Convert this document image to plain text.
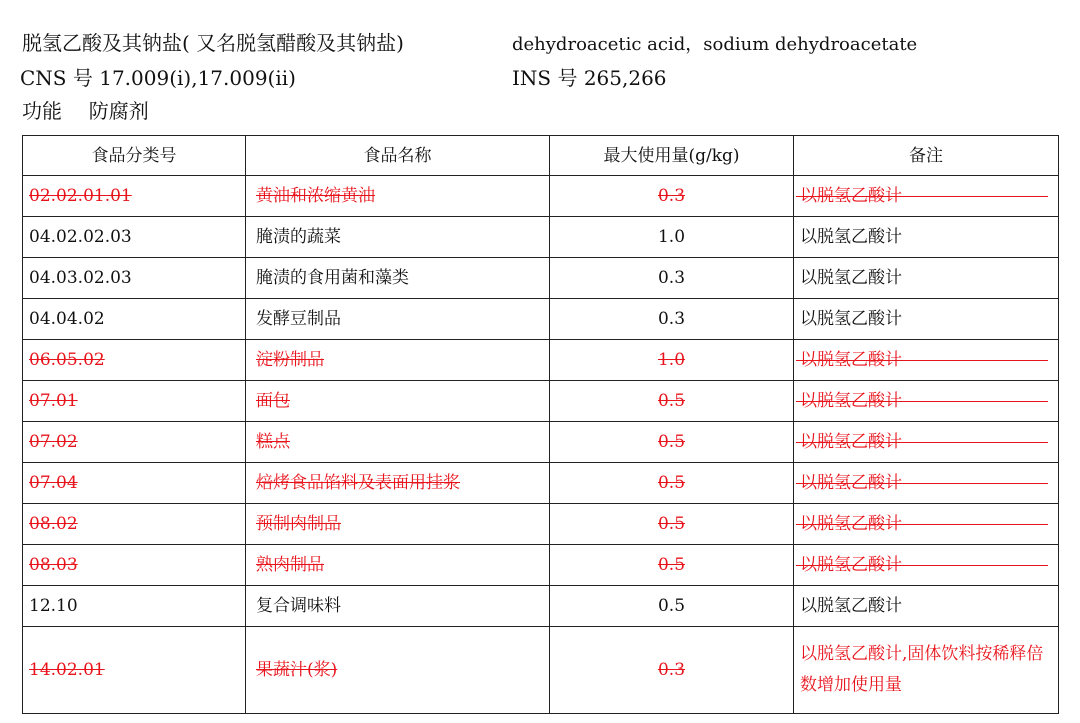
脱氢乙酸及其钠盐( 又名脱氢醋酸及其钠盐)	dehydroacetic acid，sodium dehydroacetate
CNS 号 17.009(i),17.009(ii)	INS 号 265,266
功能 防腐剂
食品分类号	食品名称	最大使用量(g/kg)	备注
02.02.01.01	黄油和浓缩黄油	0.3	以脱氢乙酸计
04.02.02.03	腌渍的蔬菜	1.0	以脱氢乙酸计
04.03.02.03	腌渍的食用菌和藻类	0.3	以脱氢乙酸计
04.04.02	发酵豆制品	0.3	以脱氢乙酸计
06.05.02	淀粉制品	1.0	以脱氢乙酸计
07.01	面包	0.5	以脱氢乙酸计
07.02	糕点	0.5	以脱氢乙酸计
07.04	焙烤食品馅料及表面用挂浆	0.5	以脱氢乙酸计
08.02	预制肉制品	0.5	以脱氢乙酸计
08.03	熟肉制品	0.5	以脱氢乙酸计
12.10	复合调味料	0.5	以脱氢乙酸计
14.02.01	果蔬汁(浆)	0.3	以脱氢乙酸计,固体饮料按稀释倍数增加使用量
